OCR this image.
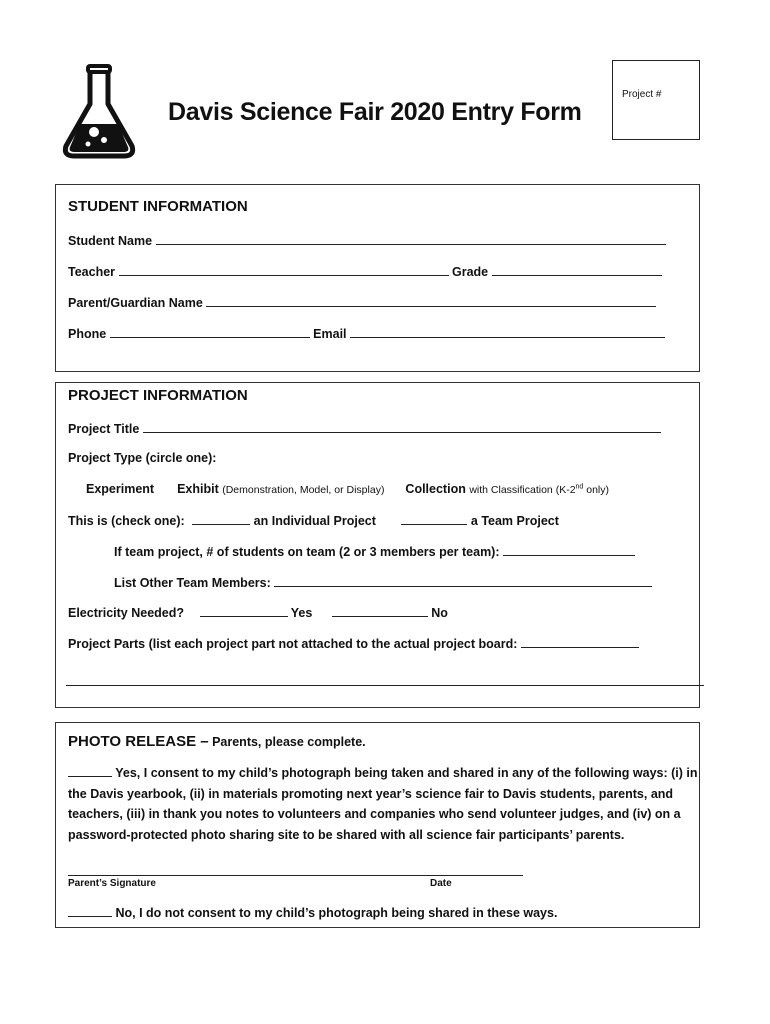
Davis Science Fair 2020 Entry Form
Project #
STUDENT INFORMATION
Student Name
Teacher	Grade
Parent/Guardian Name
Phone	Email
PROJECT INFORMATION
Project Title
Project Type (circle one):
Experiment Exhibit (Demonstration, Model, or Display) Collection with Classification (K-2nd only)
This is (check one):	an Individual Project	a Team Project
If team project, # of students on team (2 or 3 members per team):
List Other Team Members:
Electricity Needed?	Yes	No
Project Parts (list each project part not attached to the actual project board:
PHOTO RELEASE – Parents, please complete.
Yes, I consent to my child’s photograph being taken and shared in any of the following ways: (i) in the Davis yearbook, (ii) in materials promoting next year’s science fair to Davis students, parents, and teachers, (iii) in thank you notes to volunteers and companies who send volunteer judges, and (iv) on a password-protected photo sharing site to be shared with all science fair participants’ parents.
Parent’s Signature	Date
No, I do not consent to my child’s photograph being shared in these ways.
